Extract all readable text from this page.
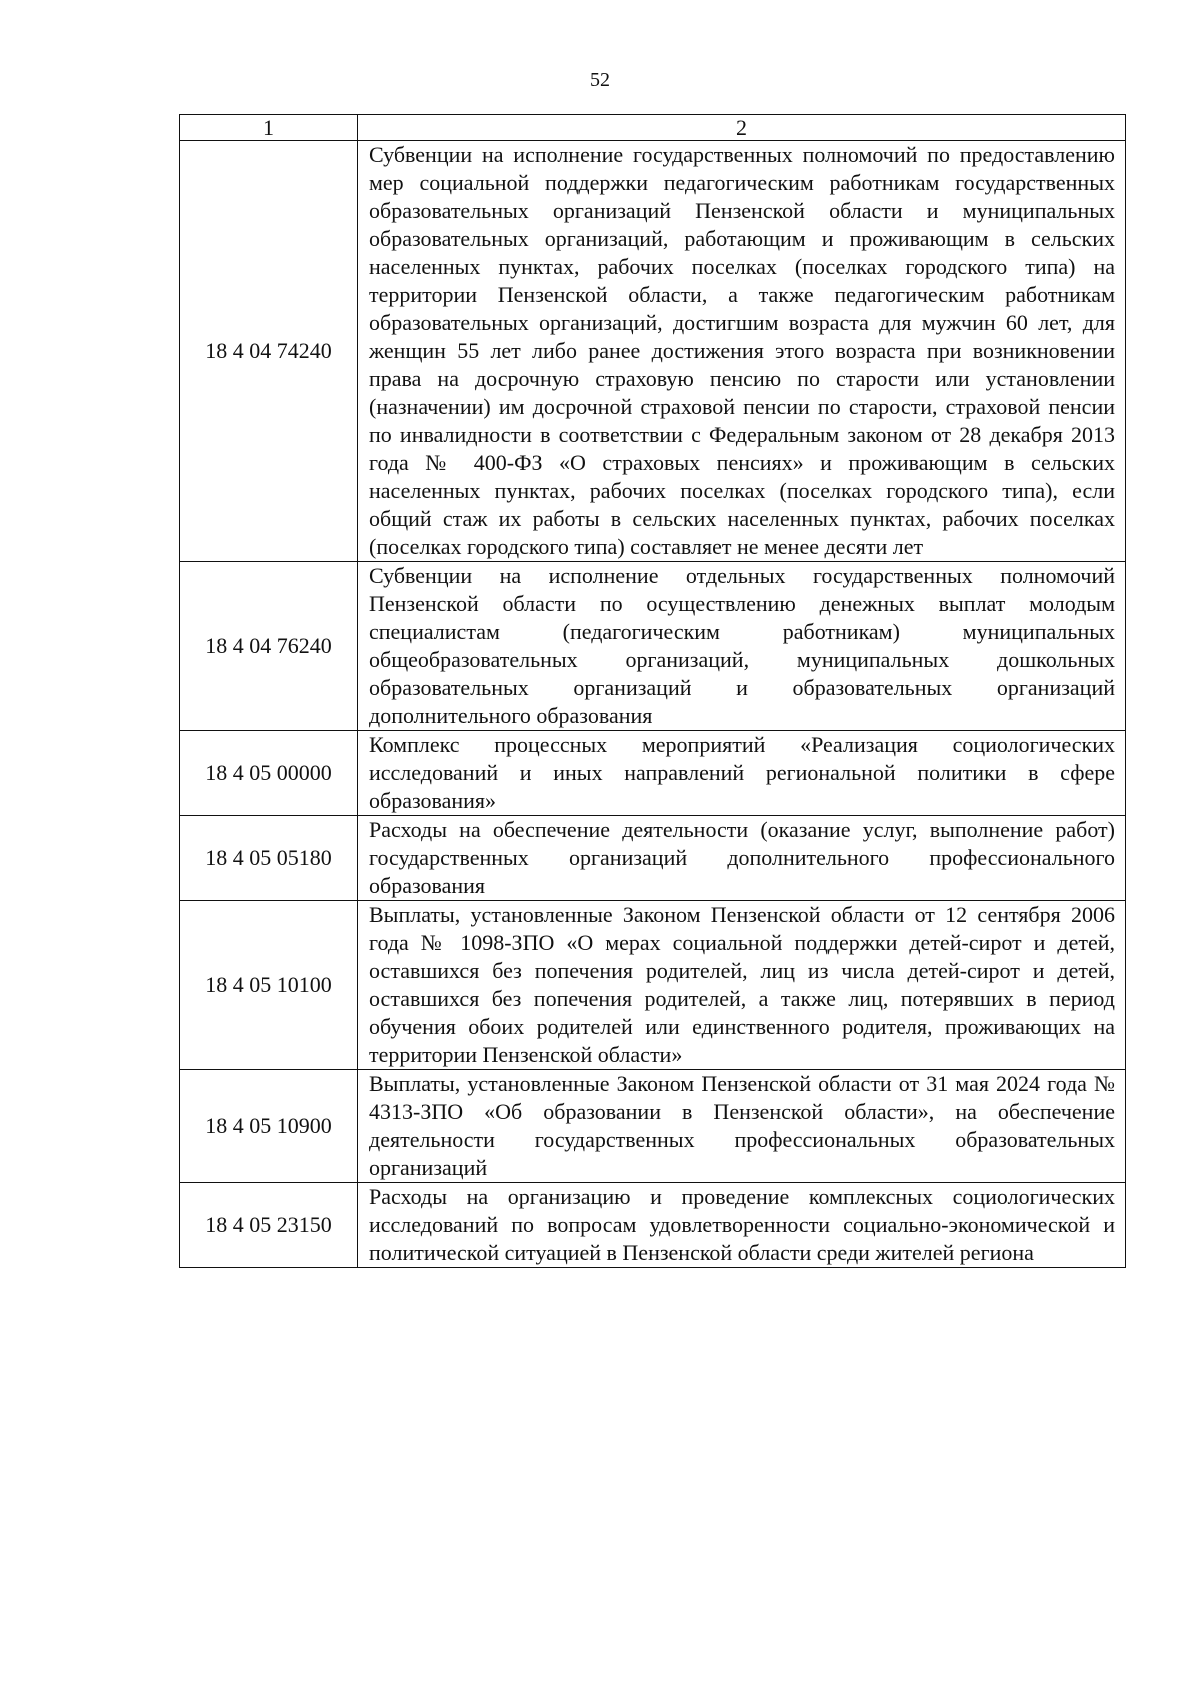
52
1	2
18 4 04 74240	Субвенции на исполнение государственных полномочий по предоставлению мер социальной поддержки педагогическим работникам государственных образовательных организаций Пензенской области и муниципальных образовательных организаций, работающим и проживающим в сельских населенных пунктах, рабочих поселках (поселках городского типа) на территории Пензенской области, а также педагогическим работникам образовательных организаций, достигшим возраста для мужчин 60 лет, для женщин 55 лет либо ранее достижения этого возраста при возникновении права на досрочную страховую пенсию по старости или установлении (назначении) им досрочной страховой пенсии по старости, страховой пенсии по инвалидности в соответствии с Федеральным законом от 28 декабря 2013 года № 400-ФЗ «О страховых пенсиях» и проживающим в сельских населенных пунктах, рабочих поселках (поселках городского типа), если общий стаж их работы в сельских населенных пунктах, рабочих поселках (поселках городского типа) составляет не менее десяти лет
18 4 04 76240	Субвенции на исполнение отдельных государственных полномочий Пензенской области по осуществлению денежных выплат молодым специалистам (педагогическим работникам) муниципальных общеобразовательных организаций, муниципальных дошкольных образовательных организаций и образовательных организаций дополнительного образования
18 4 05 00000	Комплекс процессных мероприятий «Реализация социологических исследований и иных направлений региональной политики в сфере образования»
18 4 05 05180	Расходы на обеспечение деятельности (оказание услуг, выполнение работ) государственных организаций дополнительного профессионального образования
18 4 05 10100	Выплаты, установленные Законом Пензенской области от 12 сентября 2006 года № 1098-ЗПО «О мерах социальной поддержки детей-сирот и детей, оставшихся без попечения родителей, лиц из числа детей-сирот и детей, оставшихся без попечения родителей, а также лиц, потерявших в период обучения обоих родителей или единственного родителя, проживающих на территории Пензенской области»
18 4 05 10900	Выплаты, установленные Законом Пензенской области от 31 мая 2024 года № 4313-ЗПО «Об образовании в Пензенской области», на обеспечение деятельности государственных профессиональных образовательных организаций
18 4 05 23150	Расходы на организацию и проведение комплексных социологических исследований по вопросам удовлетворенности социально-экономической и политической ситуацией в Пензенской области среди жителей региона
